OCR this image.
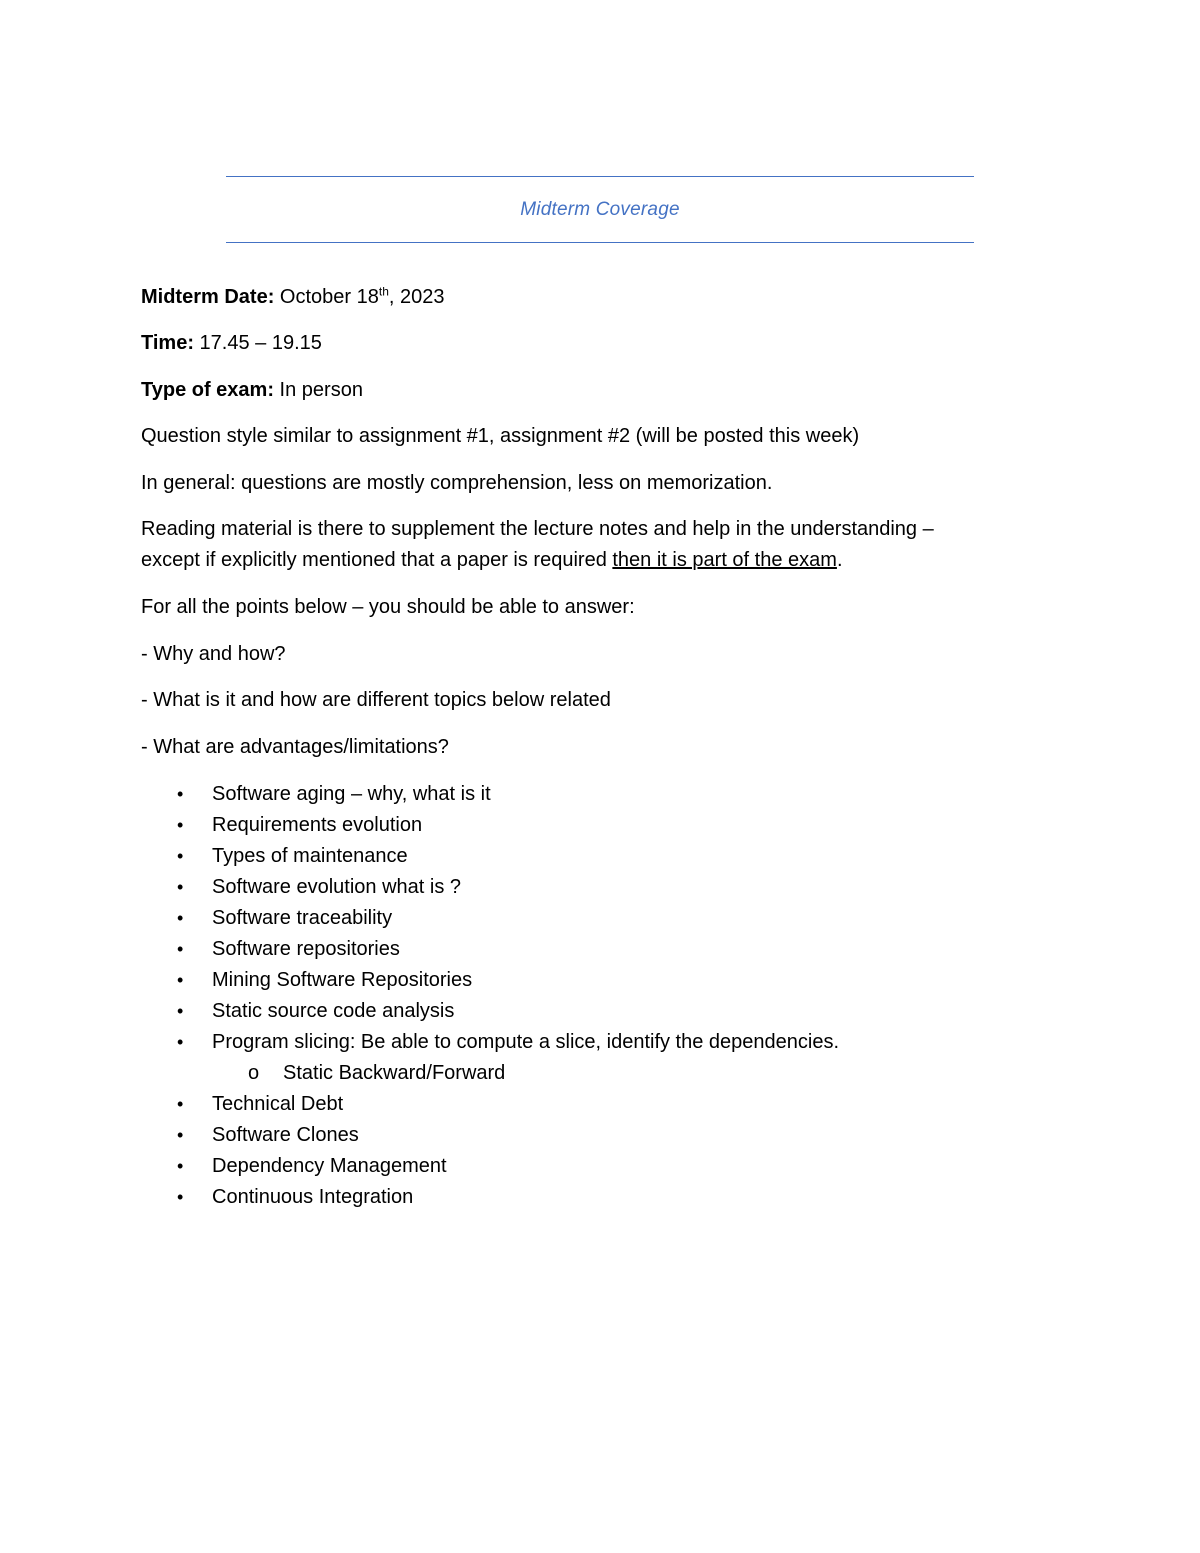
Midterm Coverage
Midterm Date: October 18th, 2023
Time: 17.45 – 19.15
Type of exam: In person
Question style similar to assignment #1, assignment #2 (will be posted this week)
In general: questions are mostly comprehension, less on memorization.
Reading material is there to supplement the lecture notes and help in the understanding –
except if explicitly mentioned that a paper is required then it is part of the exam.
For all the points below – you should be able to answer:
- Why and how?
- What is it and how are different topics below related
- What are advantages/limitations?
• Software aging – why, what is it
• Requirements evolution
• Types of maintenance
• Software evolution what is ?
• Software traceability
• Software repositories
• Mining Software Repositories
• Static source code analysis
• Program slicing: Be able to compute a slice, identify the dependencies.
o Static Backward/Forward
• Technical Debt
• Software Clones
• Dependency Management
• Continuous Integration
